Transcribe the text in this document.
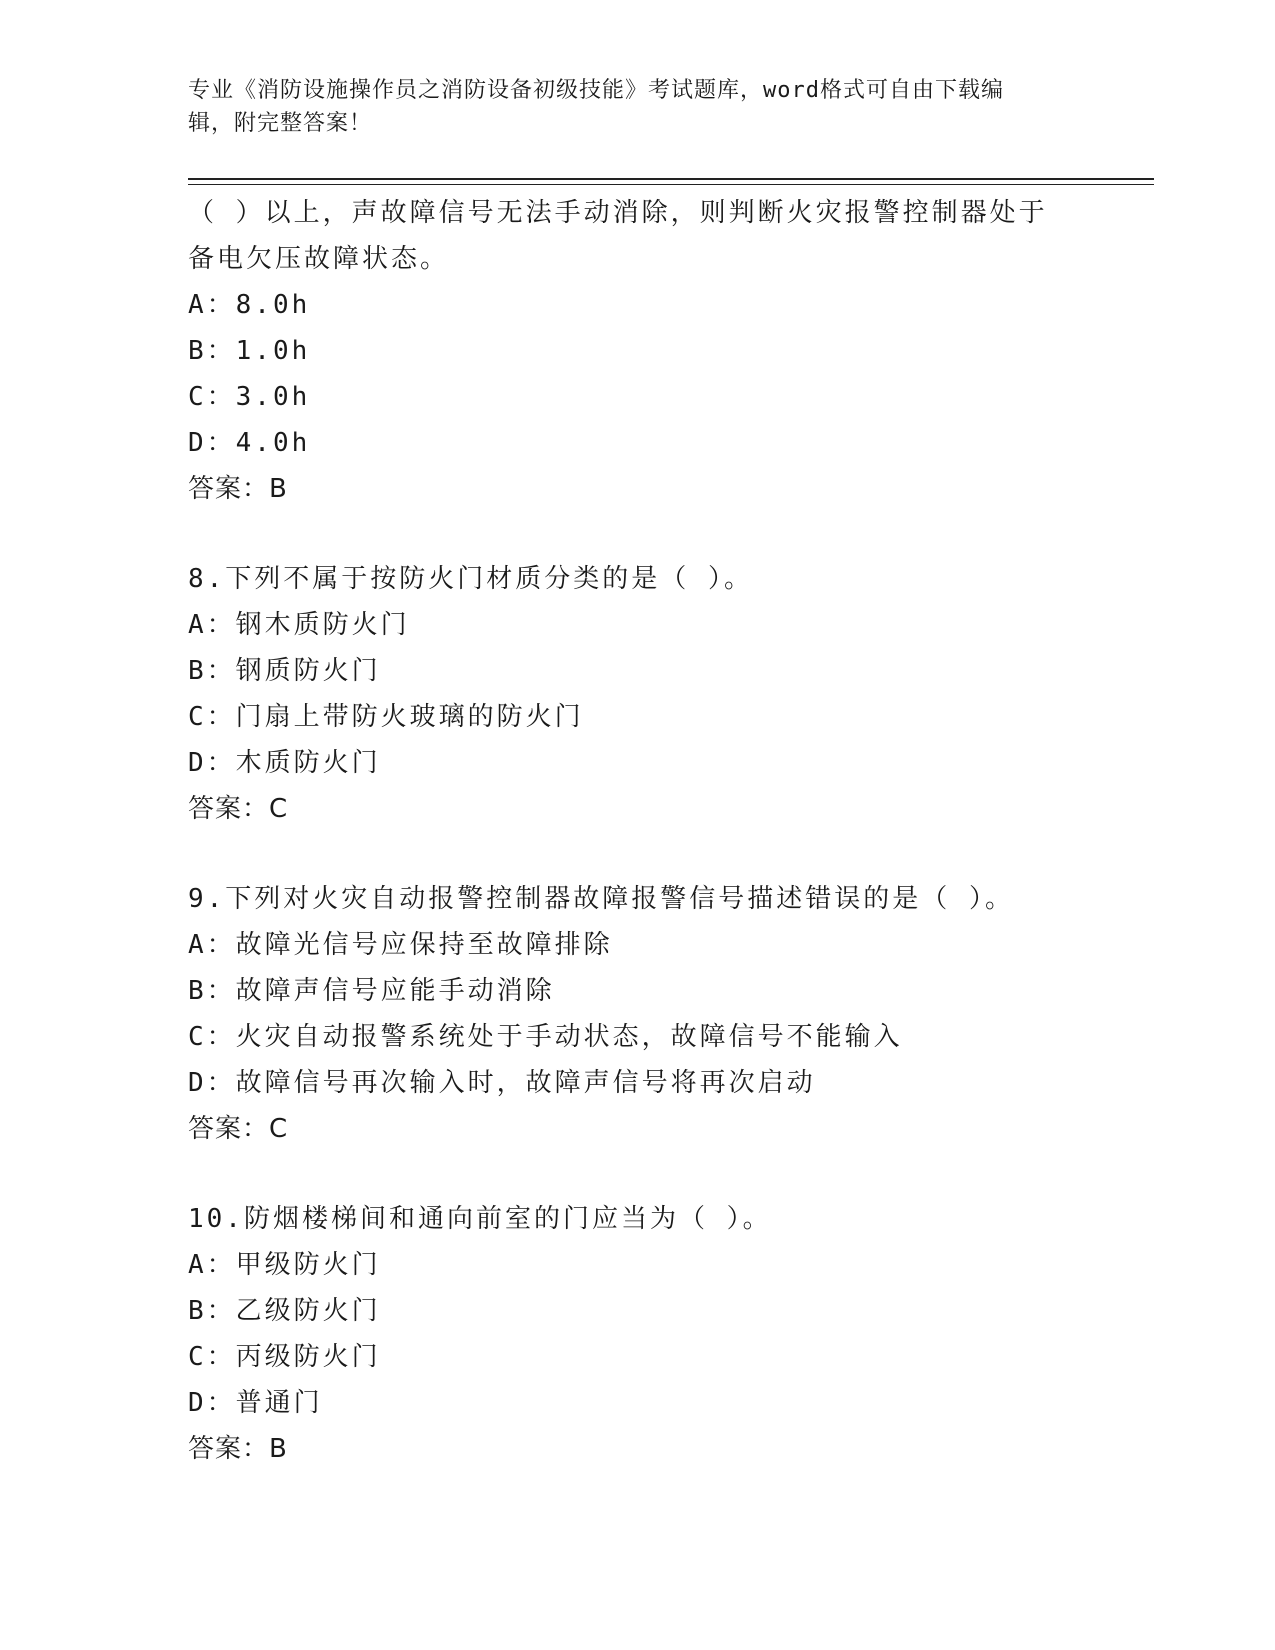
专业《消防设施操作员之消防设备初级技能》考试题库，word格式可自由下载编
辑，附完整答案！
（ ）以上，声故障信号无法手动消除，则判断火灾报警控制器处于
备电欠压故障状态。
A：8.0h
B：1.0h
C：3.0h
D：4.0h
答案：B
8.下列不属于按防火门材质分类的是（ ）。
A：钢木质防火门
B：钢质防火门
C：门扇上带防火玻璃的防火门
D：木质防火门
答案：C
9.下列对火灾自动报警控制器故障报警信号描述错误的是（ ）。
A：故障光信号应保持至故障排除
B：故障声信号应能手动消除
C：火灾自动报警系统处于手动状态，故障信号不能输入
D：故障信号再次输入时，故障声信号将再次启动
答案：C
10.防烟楼梯间和通向前室的门应当为（ ）。
A：甲级防火门
B：乙级防火门
C：丙级防火门
D：普通门
答案：B
